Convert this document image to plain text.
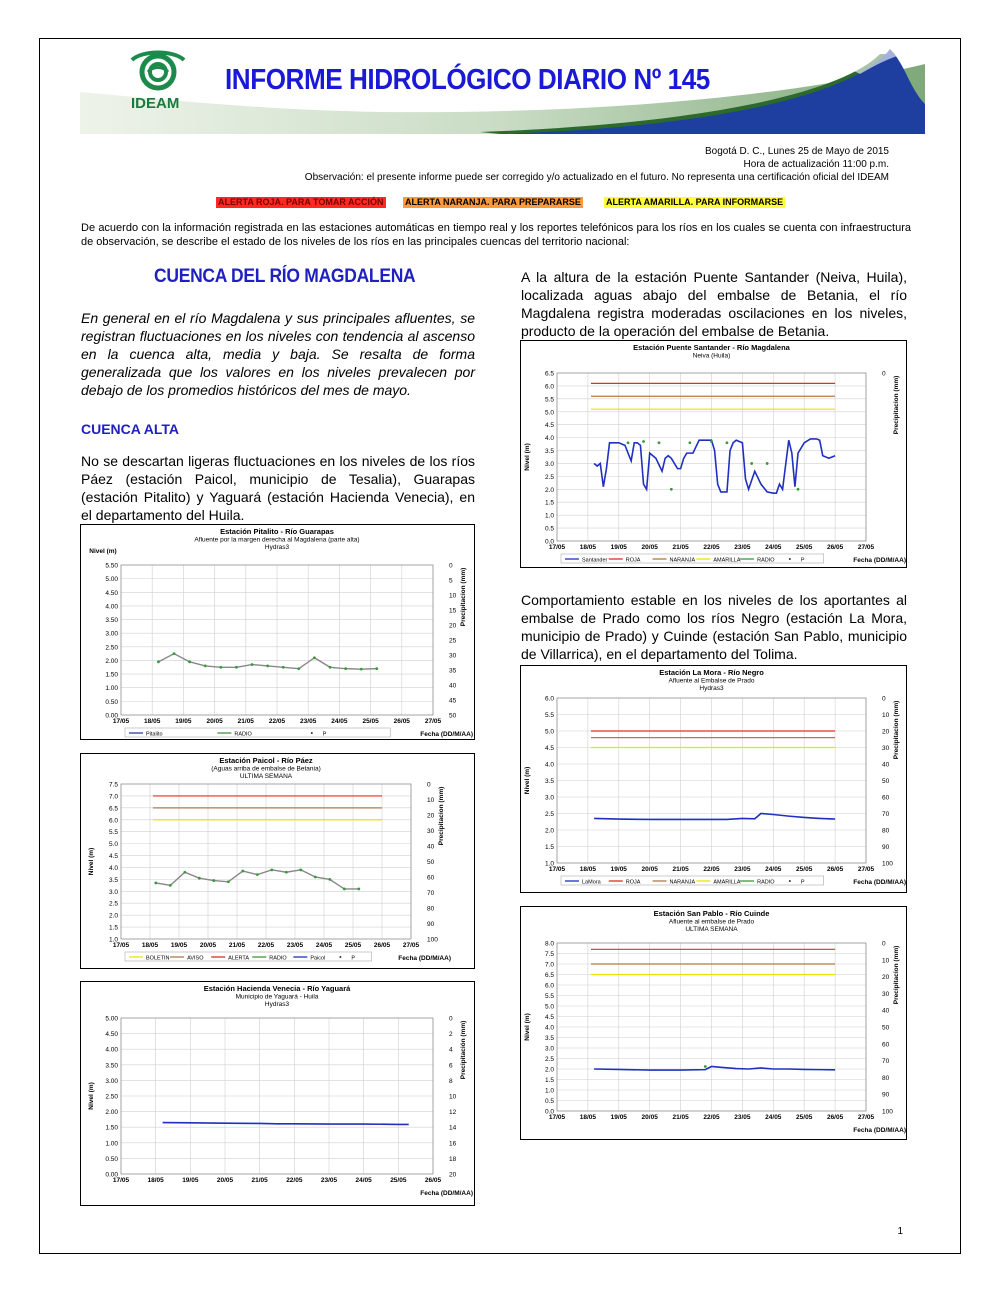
IDEAM
INFORME HIDROLÓGICO DIARIO Nº 145
Bogotá D. C., Lunes 25 de Mayo de 2015
Hora de actualización 11:00 p.m.
Observación: el presente informe puede ser corregido y/o actualizado en el futuro. No representa una certificación oficial del IDEAM
ALERTA ROJA. PARA TOMAR ACCIÓN ALERTA NARANJA. PARA PREPARARSE	ALERTA AMARILLA. PARA INFORMARSE
De acuerdo con la información registrada en las estaciones automáticas en tiempo real y los reportes telefónicos para los ríos en los cuales se cuenta con infraestructura de observación, se describe el estado de los niveles de los ríos en las principales cuencas del territorio nacional:
CUENCA DEL RÍO MAGDALENA
En general en el río Magdalena y sus principales afluentes, se registran fluctuaciones en los niveles con tendencia al ascenso en la cuenca alta, media y baja. Se resalta de forma generalizada que los valores en los niveles prevalecen por debajo de los promedios históricos del mes de mayo.
CUENCA ALTA
No se descartan ligeras fluctuaciones en los niveles de los ríos Páez (estación Paicol, municipio de Tesalia), Guarapas (estación Pitalito) y Yaguará (estación Hacienda Venecia), en el departamento del Huila.
A la altura de la estación Puente Santander (Neiva, Huila), localizada aguas abajo del embalse de Betania, el río Magdalena registra moderadas oscilaciones en los niveles, producto de la operación del embalse de Betania.
Comportamiento estable en los niveles de los aportantes al embalse de Prado como los ríos Negro (estación La Mora, municipio de Prado) y Cuinde (estación San Pablo, municipio de Villarrica), en el departamento del Tolima.
Estación Pitalito - Río Guarapas
Afluente por la margen derecha al Magdalena (parte alta)
Hydras3
0.00
0.50
1.00
1.50
2.00
2.50
3.00
3.50
4.00
4.50
5.00
5.50
17/05 18/05 19/05 20/05 21/05 22/05 23/05 24/05 25/05 26/05 27/05
0
5
10
15
20
25
30
35
40
45
50
Nivel (m)
Precipitacion (mm)
Fecha (DD/M/AA)
Pitalito	RADIO	P
Estación Paicol - Río Páez
(Aguas arriba de embalse de Betania)
ULTIMA SEMANA
1.0
1.5
2.0
2.5
3.0
3.5
4.0
4.5
5.0
5.5
6.0
6.5
7.0
7.5
17/05 18/05 19/05 20/05 21/05 22/05 23/05 24/05 25/05 26/05 27/05
0
10
20
30
40
50
60
70
80
90
100
Nivel (m)
Precipitacion (mm)
Fecha (DD/M/AA)
BOLETIN	AVISO	ALERTA	RADIO	Paicol	P
Estación Hacienda Venecia - Río Yaguará
Municipio de Yaguará - Huila
Hydras3
0.00
0.50
1.00
1.50
2.00
2.50
3.00
3.50
4.00
4.50
5.00
17/05	18/05	19/05	20/05	21/05	22/05	23/05	24/05	25/05	26/05
0
2
4
6
8
10
12
14
16
18
20
Nivel (m)
Precipitación (mm)
Fecha (DD/M/AA)
Estación Puente Santander - Río Magdalena
Neiva (Huila)
0.0
0.5
1.0
1.5
2.0
2.5
3.0
3.5
4.0
4.5
5.0
5.5
6.0
6.5
17/05 18/05 19/05 20/05 21/05 22/05 23/05 24/05 25/05 26/05 27/05
0
Nivel (m)
Precipitacion (mm)
Fecha (DD/M/AA)
Santander	ROJA	NARANJA	AMARILLA	RADIO	P
Estación La Mora - Río Negro
Afluente al Embalse de Prado
Hydras3
1.0
1.5
2.0
2.5
3.0
3.5
4.0
4.5
5.0
5.5
6.0
17/05 18/05 19/05 20/05 21/05 22/05 23/05 24/05 25/05 26/05 27/05
0
10
20
30
40
50
60
70
80
90
100
Nivel (m)
Precipitacion (mm)
Fecha (DD/M/AA)
LaMora	ROJA	NARANJA	AMARILLA	RADIO	P
Estación San Pablo - Río Cuinde
Afluente al embalse de Prado
ULTIMA SEMANA
0.0
0.5
1.0
1.5
2.0
2.5
3.0
3.5
4.0
4.5
5.0
5.5
6.0
6.5
7.0
7.5
8.0
17/05 18/05 19/05 20/05 21/05 22/05 23/05 24/05 25/05 26/05 27/05
0
10
20
30
40
50
60
70
80
90
100
Nivel (m)
Precipitacion (mm)
Fecha (DD/M/AA)
1
